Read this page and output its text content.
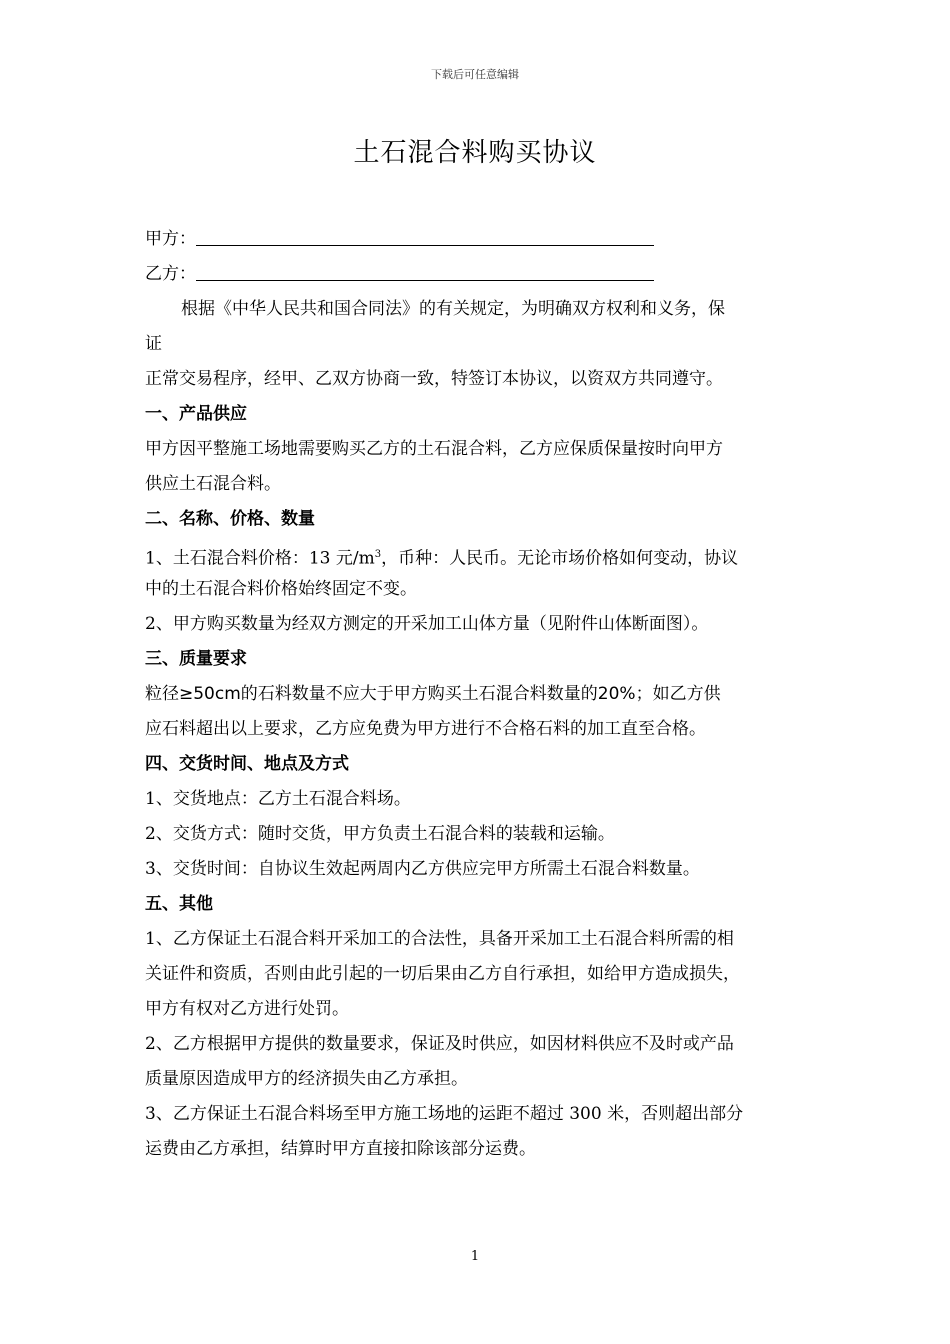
下载后可任意编辑
土石混合料购买协议
甲方：
乙方：
根据《中华人民共和国合同法》的有关规定，为明确双方权利和义务，保
证
正常交易程序，经甲、乙双方协商一致，特签订本协议，以资双方共同遵守。
一、产品供应
甲方因平整施工场地需要购买乙方的土石混合料，乙方应保质保量按时向甲方
供应土石混合料。
二、名称、价格、数量
1、土石混合料价格：13 元$/m^3$，币种：人民币。无论市场价格如何变动，协议
中的土石混合料价格始终固定不变。
2、甲方购买数量为经双方测定的开采加工山体方量（见附件山体断面图）。
三、质量要求
粒径≥50cm的石料数量不应大于甲方购买土石混合料数量的20%；如乙方供
应石料超出以上要求，乙方应免费为甲方进行不合格石料的加工直至合格。
四、交货时间、地点及方式
1、交货地点：乙方土石混合料场。
2、交货方式：随时交货，甲方负责土石混合料的装载和运输。
3、交货时间：自协议生效起两周内乙方供应完甲方所需土石混合料数量。
五、其他
1、乙方保证土石混合料开采加工的合法性，具备开采加工土石混合料所需的相
关证件和资质，否则由此引起的一切后果由乙方自行承担，如给甲方造成损失，
甲方有权对乙方进行处罚。
2、乙方根据甲方提供的数量要求，保证及时供应，如因材料供应不及时或产品
质量原因造成甲方的经济损失由乙方承担。
3、乙方保证土石混合料场至甲方施工场地的运距不超过 300 米，否则超出部分
运费由乙方承担，结算时甲方直接扣除该部分运费。
1
